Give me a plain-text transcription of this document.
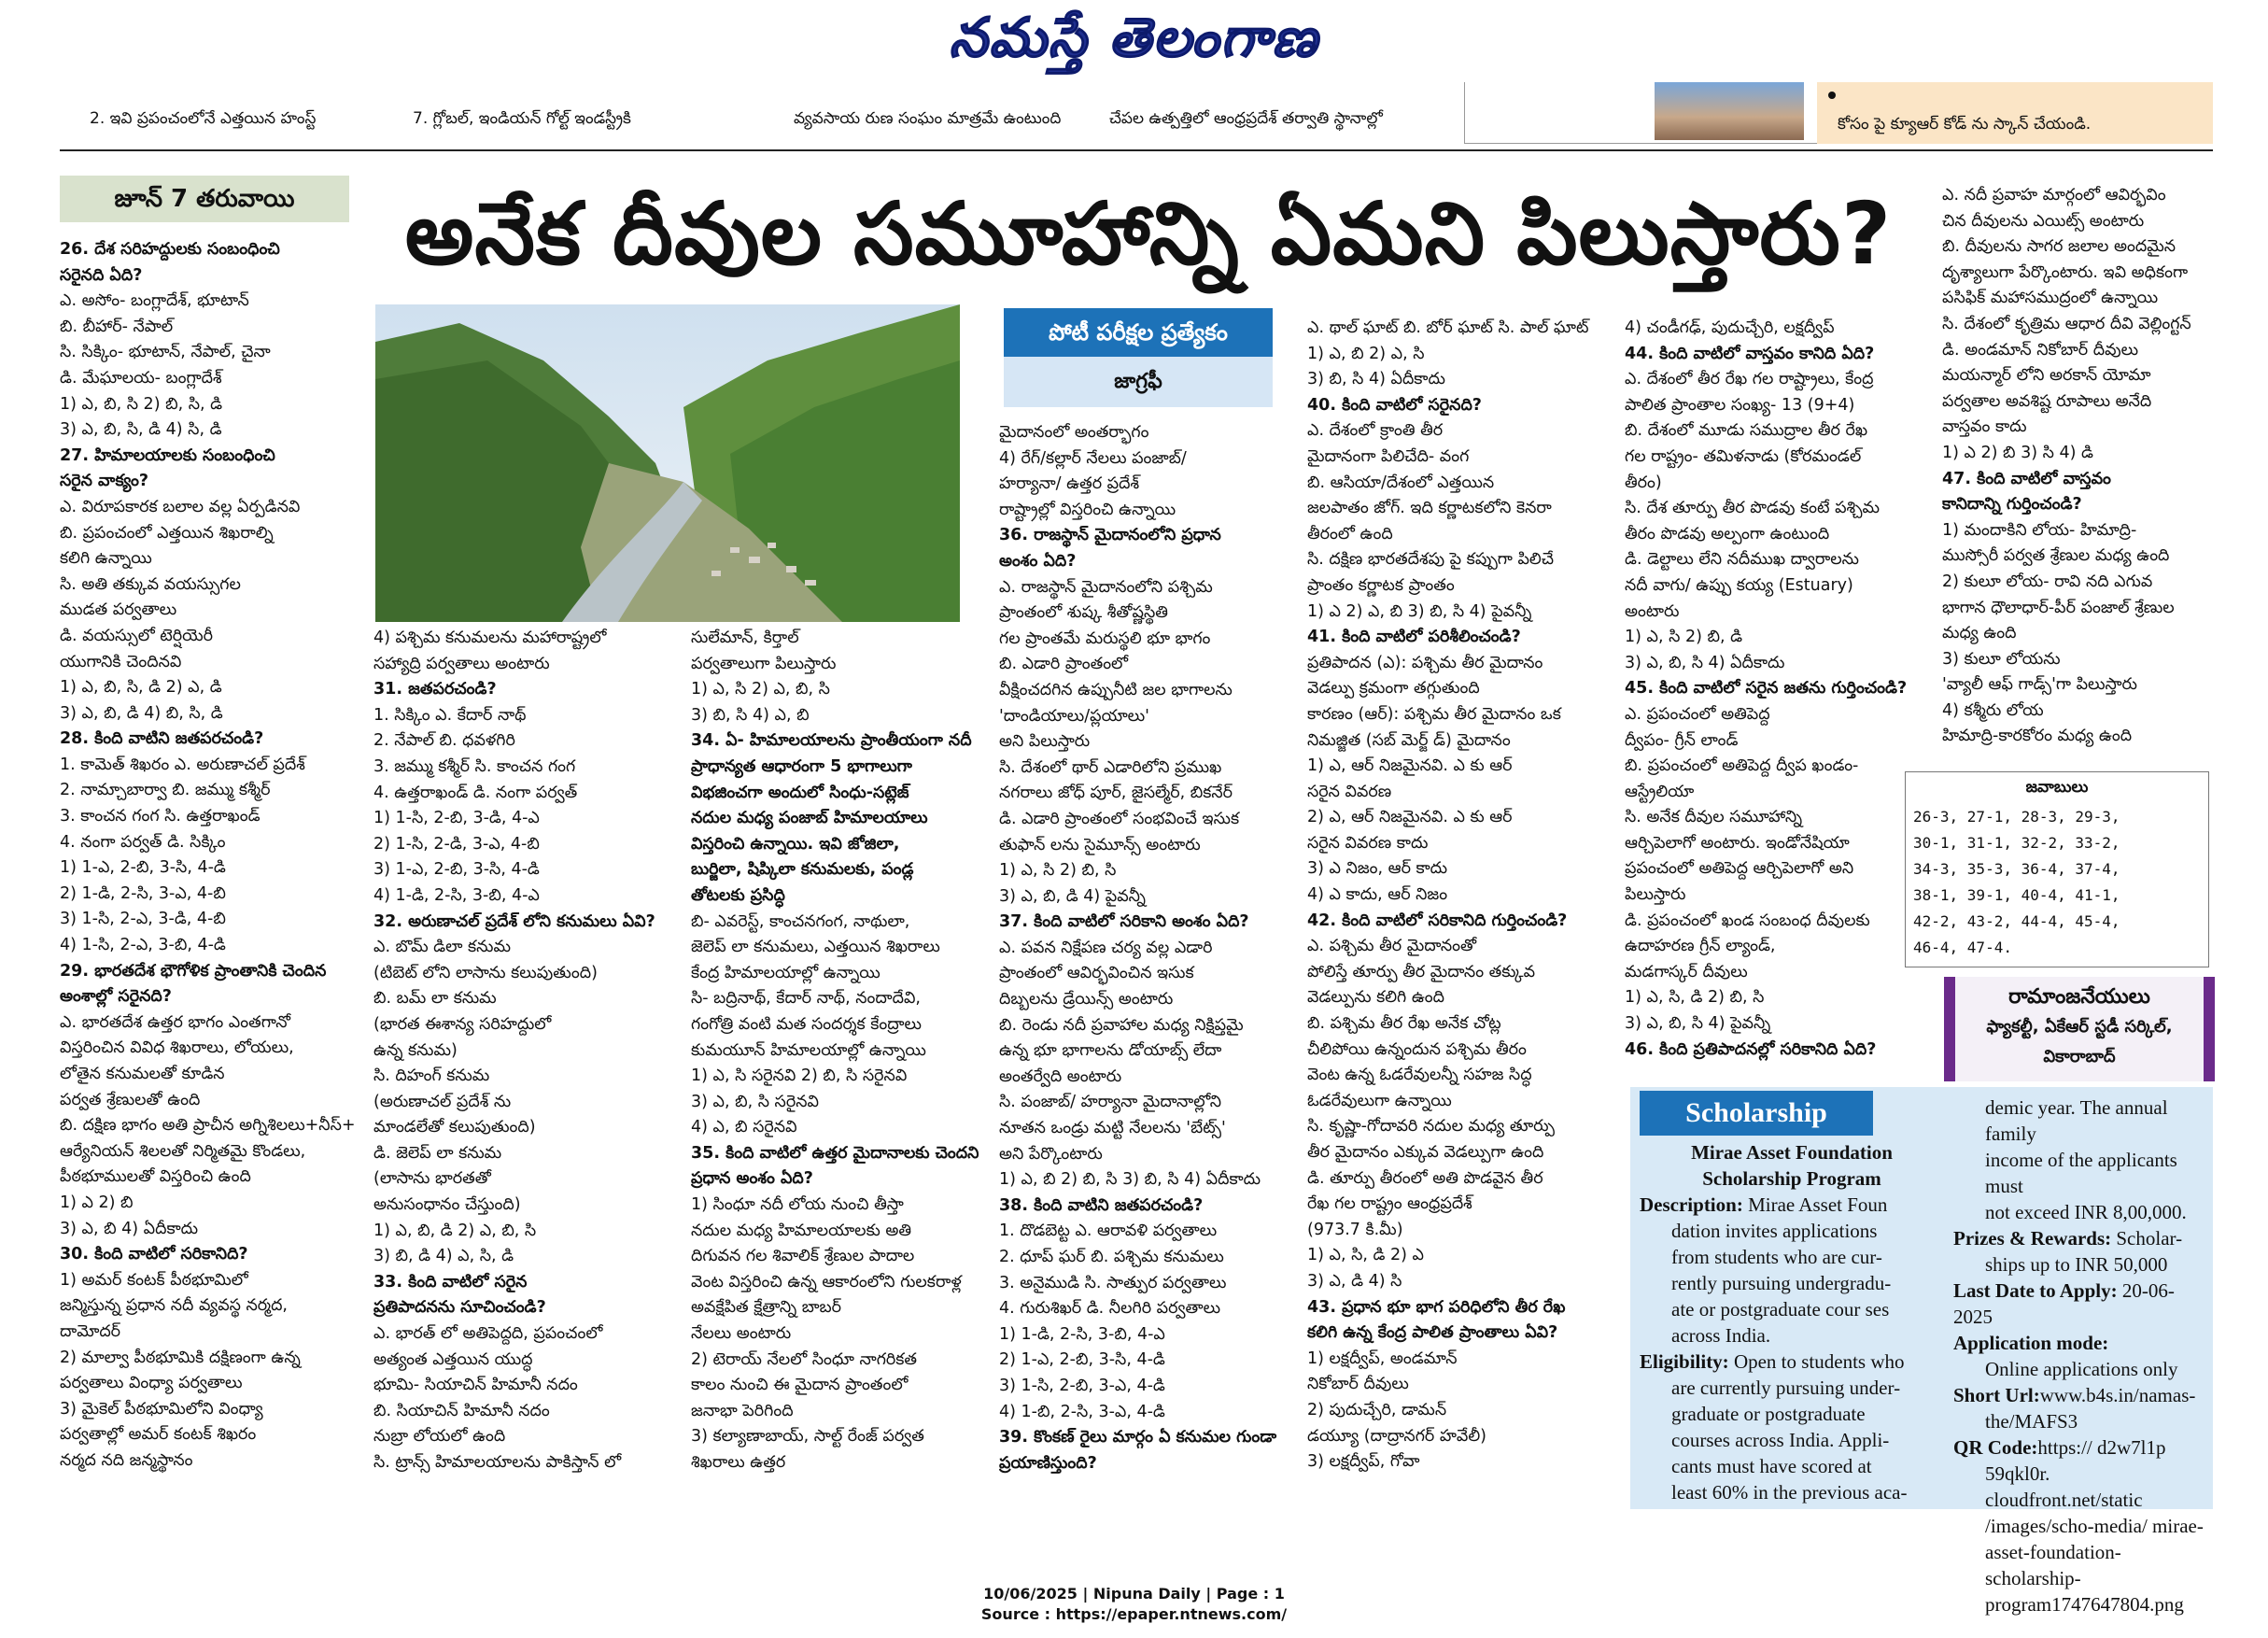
నమస్తే తెలంగాణ

2. ఇవి ప్రపంచంలోనే ఎత్తయిన హంస్ట్

	7. గ్లోబల్, ఇండియన్ గోల్ట్ ఇండస్ట్రీకి

	వ్యవసాయ రుణ సంఘం మాత్రమే ఉంటుంది

	చేపల ఉత్పత్తిలో ఆంధ్రప్రదేశ్ తర్వాతి స్థానాల్లో

	కోసం పై క్యూఆర్ కోడ్ ను స్కాన్ చేయండి.

జూన్ 7 తరువాయి	అనేక దీవుల సమూహాన్ని ఏమని పిలుస్తారు?
పోటీ పరీక్షల ప్రత్యేకం
జాగ్రఫీ

26. దేశ సరిహద్దులకు సంబంధించి

సరైనది ఏది?

ఎ. అసోం- బంగ్లాదేశ్, భూటాన్

బి. బీహార్- నేపాల్

సి. సిక్కిం- భూటాన్, నేపాల్, చైనా

డి. మేఘాలయ- బంగ్లాదేశ్

1) ఎ, బి, సి 2) బి, సి, డి

3) ఎ, బి, సి, డి 4) సి, డి

27. హిమాలయాలకు సంబంధించి

సరైన వాక్యం?

ఎ. విరూపకారక బలాల వల్ల ఏర్పడినవి

బి. ప్రపంచంలో ఎత్తయిన శిఖరాల్ని

కలిగి ఉన్నాయి

సి. అతి తక్కువ వయస్సుగల

ముడత పర్వతాలు

డి. వయస్సులో టెర్షియెరీ

యుగానికి చెందినవి

1) ఎ, బి, సి, డి 2) ఎ, డి

3) ఎ, బి, డి 4) బి, సి, డి

28. కింది వాటిని జతపరచండి?

1. కామెత్ శిఖరం ఎ. అరుణాచల్ ప్రదేశ్

2. నామ్చాబార్వా బి. జమ్ము కశ్మీర్

3. కాంచన గంగ సి. ఉత్తరాఖండ్

4. నంగా పర్వత్ డి. సిక్కిం

1) 1-ఎ, 2-బి, 3-సి, 4-డి

2) 1-డి, 2-సి, 3-ఎ, 4-బి

3) 1-సి, 2-ఎ, 3-డి, 4-బి

4) 1-సి, 2-ఎ, 3-బి, 4-డి

29. భారతదేశ భౌగోళిక ప్రాంతానికి చెందిన

అంశాల్లో సరైనది?

ఎ. భారతదేశ ఉత్తర భాగం ఎంతగానో

విస్తరించిన వివిధ శిఖరాలు, లోయలు,

లోతైన కనుమలతో కూడిన

పర్వత శ్రేణులతో ఉంది

బి. దక్షిణ భాగం అతి ప్రాచీన అగ్నిశిలలు+నీస్+

ఆర్యేనియన్ శిలలతో నిర్మితమై కొండలు,

పీఠభూములతో విస్తరించి ఉంది

1) ఎ 2) బి

3) ఎ, బి 4) ఏదీకాదు

30. కింది వాటిలో సరికానిది?

1) అమర్ కంటక్ పీఠభూమిలో

జన్మిస్తున్న ప్రధాన నదీ వ్యవస్థ నర్మద,

దామోదర్

2) మాల్వా పీఠభూమికి దక్షిణంగా ఉన్న

పర్వతాలు వింధ్యా పర్వతాలు

3) మైకెల్ పీఠభూమిలోని వింధ్యా

పర్వతాల్లో అమర్ కంటక్ శిఖరం

నర్మద నది జన్మస్థానం

4) పశ్చిమ కనుమలను మహారాష్ట్రలో

సహ్యాద్రి పర్వతాలు అంటారు

31. జతపరచండి?

1. సిక్కిం ఎ. కేదార్ నాథ్

2. నేపాల్ బి. ధవళగిరి

3. జమ్ము కశ్మీర్ సి. కాంచన గంగ

4. ఉత్తరాఖండ్ డి. నంగా పర్వత్

1) 1-సి, 2-బి, 3-డి, 4-ఎ

2) 1-సి, 2-డి, 3-ఎ, 4-బి

3) 1-ఎ, 2-బి, 3-సి, 4-డి

4) 1-డి, 2-సి, 3-బి, 4-ఎ

32. అరుణాచల్ ప్రదేశ్ లోని కనుమలు ఏవి?

ఎ. బొమ్ డిలా కనుమ

(టిబెట్ లోని లాసాను కలుపుతుంది)

బి. బమ్ లా కనుమ

(భారత ఈశాన్య సరిహద్దులో

ఉన్న కనుమ)

సి. దిహంగ్ కనుమ

(అరుణాచల్ ప్రదేశ్ ను

మాండలేతో కలుపుతుంది)

డి. జెలెప్ లా కనుమ

(లాసాను భారతతో

అనుసంధానం చేస్తుంది)

1) ఎ, బి, డి 2) ఎ, బి, సి

3) బి, డి 4) ఎ, సి, డి

33. కింది వాటిలో సరైన

ప్రతిపాదనను సూచించండి?

ఎ. భారత్ లో అతిపెద్దది, ప్రపంచంలో

అత్యంత ఎత్తయిన యుద్ధ

భూమి- సియాచిన్ హిమానీ నదం

బి. సియాచిన్ హిమానీ నదం

నుబ్రా లోయలో ఉంది

సి. ట్రాన్స్ హిమాలయాలను పాకిస్తాన్ లో

సులేమాన్, కిర్తాల్

పర్వతాలుగా పిలుస్తారు

1) ఎ, సి 2) ఎ, బి, సి

3) బి, సి 4) ఎ, బి

34. ఏ- హిమాలయాలను ప్రాంతీయంగా నదీ

ప్రాధాన్యత ఆధారంగా 5 భాగాలుగా

విభజించగా అందులో సింధు-సట్లెజ్

నదుల మధ్య పంజాబ్ హిమాలయాలు

విస్తరించి ఉన్నాయి. ఇవి జోజిలా,

బుర్జిలా, షిప్కిలా కనుమలకు, పండ్ల

తోటలకు ప్రసిద్ధి

బి- ఎవరెస్ట్, కాంచనగంగ, నాథులా,

జెలెప్ లా కనుమలు, ఎత్తయిన శిఖరాలు

కేంద్ర హిమాలయాల్లో ఉన్నాయి

సి- బద్రినాథ్, కేదార్ నాథ్, నందాదేవి,

గంగోత్రి వంటి మత సందర్శక కేంద్రాలు

కుమయూన్ హిమాలయాల్లో ఉన్నాయి

1) ఎ, సి సరైనవి 2) బి, సి సరైనవి

3) ఎ, బి, సి సరైనవి

4) ఎ, బి సరైనవి

35. కింది వాటిలో ఉత్తర మైదానాలకు చెందని

ప్రధాన అంశం ఏది?

1) సింధూ నదీ లోయ నుంచి తీస్తా

నదుల మధ్య హిమాలయాలకు అతి

దిగువన గల శివాలిక్ శ్రేణుల పాదాల

వెంట విస్తరించి ఉన్న ఆకారంలోని గులకరాళ్ల

అవక్షేపిత క్షేత్రాన్ని బాబర్

నేలలు అంటారు

2) టెరాయ్ నేలలో సింధూ నాగరికత

కాలం నుంచి ఈ మైదాన ప్రాంతంలో

జనాభా పెరిగింది

3) కల్యాణాబాయ్, సాల్ట్ రేంజ్ పర్వత

శిఖరాలు ఉత్తర

మైదానంలో అంతర్భాగం

4) రేగ్/కల్లార్ నేలలు పంజాబ్/

హర్యానా/ ఉత్తర ప్రదేశ్

రాష్ట్రాల్లో విస్తరించి ఉన్నాయి

36. రాజస్థాన్ మైదానంలోని ప్రధాన

అంశం ఏది?

ఎ. రాజస్థాన్ మైదానంలోని పశ్చిమ

ప్రాంతంలో శుష్క శీతోష్ణస్థితి

గల ప్రాంతమే మరుస్థలి భూ భాగం

బి. ఎడారి ప్రాంతంలో

వీక్షించదగిన ఉప్పునీటి జల భాగాలను

'దాండియాలు/ప్లయాలు'

అని పిలుస్తారు

సి. దేశంలో థార్ ఎడారిలోని ప్రముఖ

నగరాలు జోధ్ పూర్, జైసల్మేర్, బికనేర్

డి. ఎడారి ప్రాంతంలో సంభవించే ఇసుక

తుఫాన్ లను సైమూన్స్ అంటారు

1) ఎ, సి 2) బి, సి

3) ఎ, బి, డి 4) పైవన్నీ

37. కింది వాటిలో సరికాని అంశం ఏది?

ఎ. పవన నిక్షేపణ చర్య వల్ల ఎడారి

ప్రాంతంలో ఆవిర్భవించిన ఇసుక

దిబ్బలను డ్రేయిన్స్ అంటారు

బి. రెండు నదీ ప్రవాహాల మధ్య నిక్షిప్తమై

ఉన్న భూ భాగాలను డోయాబ్స్ లేదా

అంతర్వేది అంటారు

సి. పంజాబ్/ హర్యానా మైదానాల్లోని

నూతన ఒండ్రు మట్టి నేలలను 'బేట్స్'

అని పేర్కొంటారు

1) ఎ, బి 2) బి, సి 3) బి, సి 4) ఏదీకాదు

38. కింది వాటిని జతపరచండి?

1. దొడబెట్ట ఎ. ఆరావళి పర్వతాలు

2. ధూప్ ఘర్ బి. పశ్చిమ కనుమలు

3. అనైముడి సి. సాత్పుర పర్వతాలు

4. గురుశిఖర్ డి. నీలగిరి పర్వతాలు

1) 1-డి, 2-సి, 3-బి, 4-ఎ

2) 1-ఎ, 2-బి, 3-సి, 4-డి

3) 1-సి, 2-బి, 3-ఎ, 4-డి

4) 1-బి, 2-సి, 3-ఎ, 4-డి

39. కొంకణ్ రైలు మార్గం ఏ కనుమల గుండా

ప్రయాణిస్తుంది?

ఎ. థాల్ ఘాట్ బి. బోర్ ఘాట్ సి. పాల్ ఘాట్

1) ఎ, బి 2) ఎ, సి

3) బి, సి 4) ఏదీకాదు

40. కింది వాటిలో సరైనది?

ఎ. దేశంలో క్రాంతి తీర

మైదానంగా పిలిచేది- వంగ

బి. ఆసియా/దేశంలో ఎత్తయిన

జలపాతం జోగ్. ఇది కర్ణాటకలోని కెనరా

తీరంలో ఉంది

సి. దక్షిణ భారతదేశపు పై కప్పుగా పిలిచే

ప్రాంతం కర్ణాటక ప్రాంతం

1) ఎ 2) ఎ, బి 3) బి, సి 4) పైవన్నీ

41. కింది వాటిలో పరిశీలించండి?

ప్రతిపాదన (ఎ): పశ్చిమ తీర మైదానం

వెడల్పు క్రమంగా తగ్గుతుంది

కారణం (ఆర్): పశ్చిమ తీర మైదానం ఒక

నిమజ్జిత (సబ్ మెర్జ్ డ్) మైదానం

1) ఎ, ఆర్ నిజమైనవి. ఎ కు ఆర్

సరైన వివరణ

2) ఎ, ఆర్ నిజమైనవి. ఎ కు ఆర్

సరైన వివరణ కాదు

3) ఎ నిజం, ఆర్ కాదు

4) ఎ కాదు, ఆర్ నిజం

42. కింది వాటిలో సరికానిది గుర్తించండి?

ఎ. పశ్చిమ తీర మైదానంతో

పోలిస్తే తూర్పు తీర మైదానం తక్కువ

వెడల్పును కలిగి ఉంది

బి. పశ్చిమ తీర రేఖ అనేక చోట్ల

చీలిపోయి ఉన్నందున పశ్చిమ తీరం

వెంట ఉన్న ఓడరేవులన్నీ సహజ సిద్ధ

ఓడరేవులుగా ఉన్నాయి

సి. కృష్ణా-గోదావరి నదుల మధ్య తూర్పు

తీర మైదానం ఎక్కువ వెడల్పుగా ఉంది

డి. తూర్పు తీరంలో అతి పొడవైన తీర

రేఖ గల రాష్ట్రం ఆంధ్రప్రదేశ్

(973.7 కి.మీ)

1) ఎ, సి, డి 2) ఎ

3) ఎ, డి 4) సి

43. ప్రధాన భూ భాగ పరిధిలోని తీర రేఖ

కలిగి ఉన్న కేంద్ర పాలిత ప్రాంతాలు ఏవి?

1) లక్షద్వీప్, అండమాన్

నికోబార్ దీవులు

2) పుదుచ్చేరి, డామన్

డయ్యూ (దాద్రానగర్ హవేలీ)

3) లక్షద్వీప్, గోవా

4) చండీగఢ్, పుదుచ్చేరి, లక్షద్వీప్

44. కింది వాటిలో వాస్తవం కానిది ఏది?

ఎ. దేశంలో తీర రేఖ గల రాష్ట్రాలు, కేంద్ర

పాలిత ప్రాంతాల సంఖ్య- 13 (9+4)

బి. దేశంలో మూడు సముద్రాల తీర రేఖ

గల రాష్ట్రం- తమిళనాడు (కోరమండల్

తీరం)

సి. దేశ తూర్పు తీర పొడవు కంటే పశ్చిమ

తీరం పొడవు అల్పంగా ఉంటుంది

డి. డెల్టాలు లేని నదీముఖ ద్వారాలను

నదీ వాగు/ ఉప్పు కయ్య (Estuary)

అంటారు

1) ఎ, సి 2) బి, డి

3) ఎ, బి, సి 4) ఏదీకాదు

45. కింది వాటిలో సరైన జతను గుర్తించండి?

ఎ. ప్రపంచంలో అతిపెద్ద

ద్వీపం- గ్రీన్ లాండ్

బి. ప్రపంచంలో అతిపెద్ద ద్వీప ఖండం-

ఆస్ట్రేలియా

సి. అనేక దీవుల సమూహాన్ని

ఆర్చిపెలాగో అంటారు. ఇండోనేషియా

ప్రపంచంలో అతిపెద్ద ఆర్చిపెలాగో అని

పిలుస్తారు

డి. ప్రపంచంలో ఖండ సంబంధ దీవులకు

ఉదాహరణ గ్రీన్ ల్యాండ్,

మడగాస్కర్ దీవులు

1) ఎ, సి, డి 2) బి, సి

3) ఎ, బి, సి 4) పైవన్నీ

46. కింది ప్రతిపాదనల్లో సరికానిది ఏది?

ఎ. నదీ ప్రవాహ మార్గంలో ఆవిర్భవిం

చిన దీవులను ఎయిట్స్ అంటారు

బి. దీవులను సాగర జలాల అందమైన

దృశ్యాలుగా పేర్కొంటారు. ఇవి అధికంగా

పసిఫిక్ మహాసముద్రంలో ఉన్నాయి

సి. దేశంలో కృత్రిమ ఆధార దీవి వెల్లింగ్టన్

డి. అండమాన్ నికోబార్ దీవులు

మయన్మార్ లోని అరకాన్ యోమా

పర్వతాల అవశిష్ట రూపాలు అనేది

వాస్తవం కాదు

1) ఎ 2) బి 3) సి 4) డి

47. కింది వాటిలో వాస్తవం

కానిదాన్ని గుర్తించండి?

1) మందాకిని లోయ- హిమాద్రి-

ముస్సోరీ పర్వత శ్రేణుల మధ్య ఉంది

2) కులూ లోయ- రావి నది ఎగువ

భాగాన ధౌలాధార్-పీర్ పంజాల్ శ్రేణుల

మధ్య ఉంది

3) కులూ లోయను

'వ్యాలీ ఆఫ్ గాడ్స్'గా పిలుస్తారు

4) కశ్మీరు లోయ

హిమాద్రి-కారకోరం మధ్య ఉంది

జవాబులు

26-3, 27-1, 28-3, 29-3,

30-1, 31-1, 32-2, 33-2,

34-3, 35-3, 36-4, 37-4,

38-1, 39-1, 40-4, 41-1,

42-2, 43-2, 44-4, 45-4,

46-4, 47-4.

రామాంజనేయులు
ఫ్యాకల్టీ, ఏకేఆర్ స్టడీ సర్కిల్,
వికారాబాద్
Scholarship

Mirae Asset Foundation

Scholarship Program

Description: Mirae Asset Foun

dation invites applications

from students who are cur-

rently pursuing undergradu-

ate or postgraduate cour ses

across India.

Eligibility: Open to students who

are currently pursuing under-

graduate or postgraduate

courses across India. Appli-

cants must have scored at

least 60% in the previous aca-

demic year. The annual family

income of the applicants must

not exceed INR 8,00,000.

Prizes & Rewards: Scholar-

ships up to INR 50,000

Last Date to Apply: 20-06-2025

Application mode:

Online applications only

Short Url:www.b4s.in/namas-

the/MAFS3

QR Code:https:// d2w7l1p

59qkl0r. cloudfront.net/static

/images/scho-media/ mirae-

asset-foundation-scholarship-

program1747647804.png

10/06/2025 | Nipuna Daily | Page : 1

Source : https://epaper.ntnews.com/
